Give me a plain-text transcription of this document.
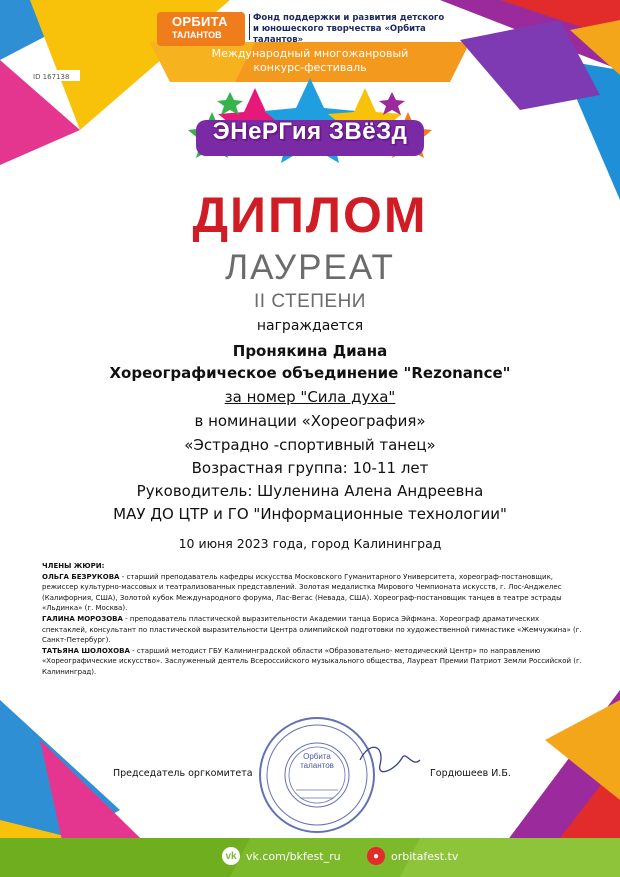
ОРБИТА
ТАЛАНТОВ
Фонд поддержки и развития детского
и юношеского творчества «Орбита талантов»
Международный многожанровый
конкурс-фестиваль
ID 167138
ЭНеРГия ЗВёЗд
ДИПЛОМ
ЛАУРЕАТ
II СТЕПЕНИ
награждается
Пронякина Диана
Хореографическое объединение "Rezonance"
за номер "Сила духа"
в номинации «Хореография»
«Эстрадно -спортивный танец»
Возрастная группа: 10-11 лет
Руководитель: Шуленина Алена Андреевна
МАУ ДО ЦТР и ГО "Информационные технологии"
10 июня 2023 года, город Калининград

ЧЛЕНЫ ЖЮРИ:

ОЛЬГА БЕЗРУКОВА - старший преподаватель кафедры искусства Московского Гуманитарного Университета, хореограф-постановщик, режиссер культурно-массовых и театрализованных представлений. Золотая медалистка Мирового Чемпионата искусств, г. Лос-Анджелес (Калифорния, США), Золотой кубок Международного форума, Лас-Вегас (Невада, США). Хореограф-постановщик танцев в театре эстрады «Льдинка» (г. Москва).

ГАЛИНА МОРОЗОВА - преподаватель пластической выразительности Академии танца Бориса Эйфмана. Хореограф драматических спектаклей, консультант по пластической выразительности Центра олимпийской подготовки по художественной гимнастике «Жемчужина» (г. Санкт-Петербург).

ТАТЬЯНА ШОЛОХОВА - старший методист ГБУ Калининградской области «Образовательно- методический Центр» по направлению «Хореографические искусство». Заслуженный деятель Всероссийского музыкального общества, Лауреат Премии Патриот Земли Российской (г. Калининград).

Председатель оргкомитета	Гордюшеев И.Б.
Орбита талантов
vk vk.com/bkfest_ru	●	orbitafest.tv
